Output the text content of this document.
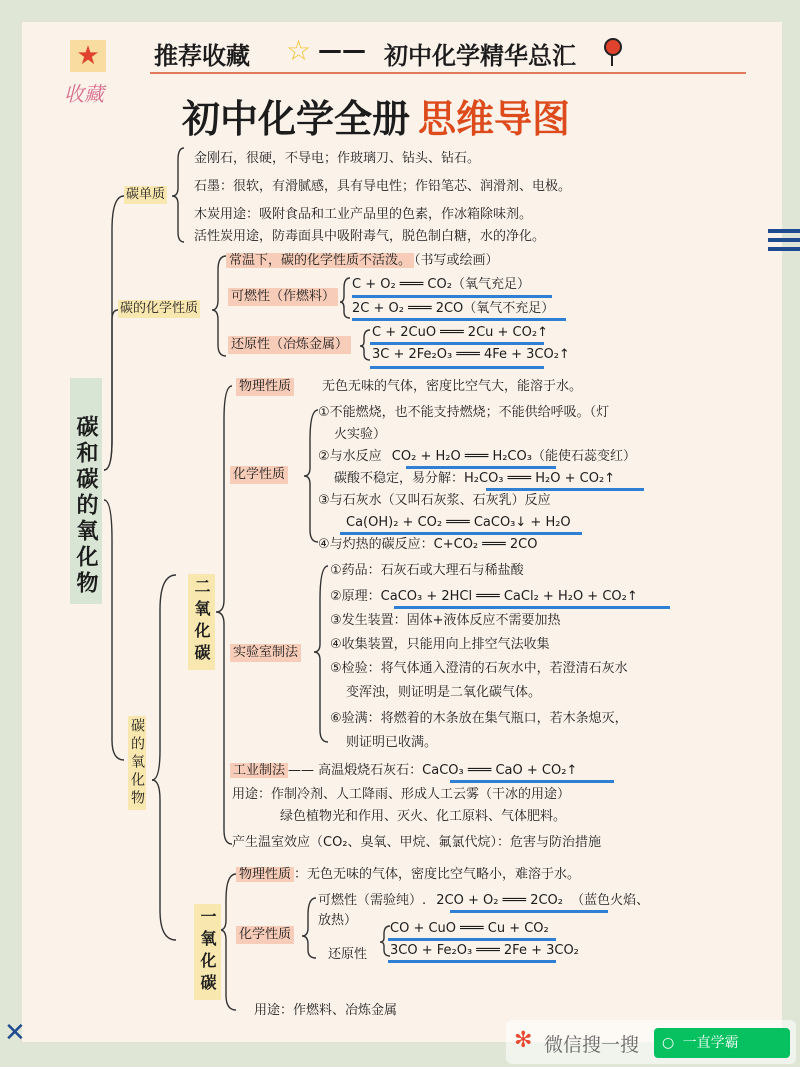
★
收藏
推荐收藏 ☆ —— 初中化学精华总汇
初中化学全册 思维导图
碳和碳的氧化物
碳单质
金刚石，很硬，不导电；作玻璃刀、钻头、钻石。
石墨：很软，有滑腻感，具有导电性；作铅笔芯、润滑剂、电极。
木炭用途：吸附食品和工业产品里的色素，作冰箱除味剂。
活性炭用途，防毒面具中吸附毒气，脱色制白糖，水的净化。
碳的化学性质
常温下，碳的化学性质不活泼。 （书写或绘画）
可燃性（作燃料）
C + O₂ ═══ CO₂（氧气充足）
2C + O₂ ═══ 2CO（氧气不充足）
还原性（冶炼金属）
C + 2CuO ═══ 2Cu + CO₂↑
3C + 2Fe₂O₃ ═══ 4Fe + 3CO₂↑
碳的氧化物
二氧化碳
物理性质 无色无味的气体，密度比空气大，能溶于水。
化学性质
①不能燃烧，也不能支持燃烧；不能供给呼吸。（灯
火实验）
②与水反应 CO₂ + H₂O ═══ H₂CO₃（能使石蕊变红）
碳酸不稳定，易分解：H₂CO₃ ═══ H₂O + CO₂↑
③与石灰水（又叫石灰浆、石灰乳）反应
Ca(OH)₂ + CO₂ ═══ CaCO₃↓ + H₂O
④与灼热的碳反应：C+CO₂ ═══ 2CO
实验室制法
①药品：石灰石或大理石与稀盐酸
②原理：CaCO₃ + 2HCl ═══ CaCl₂ + H₂O + CO₂↑
③发生装置：固体+液体反应不需要加热
④收集装置，只能用向上排空气法收集
⑤检验：将气体通入澄清的石灰水中，若澄清石灰水
变浑浊，则证明是二氧化碳气体。
⑥验满：将燃着的木条放在集气瓶口，若木条熄灭，
则证明已收满。
工业制法 —— 高温煅烧石灰石：CaCO₃ ═══ CaO + CO₂↑
用途：作制冷剂、人工降雨、形成人工云雾（干冰的用途）
绿色植物光和作用、灭火、化工原料、气体肥料。
产生温室效应（CO₂、臭氧、甲烷、氟氯代烷）：危害与防治措施
一氧化碳
物理性质 ：无色无味的气体，密度比空气略小，难溶于水。
化学性质
可燃性（需验纯）. 2CO + O₂ ═══ 2CO₂ （蓝色火焰、
放热）
还原性
CO + CuO ═══ Cu + CO₂
3CO + Fe₂O₃ ═══ 2Fe + 3CO₂
用途：作燃料、冶炼金属
✕	✻ 微信搜一搜	○ 一直学霸
